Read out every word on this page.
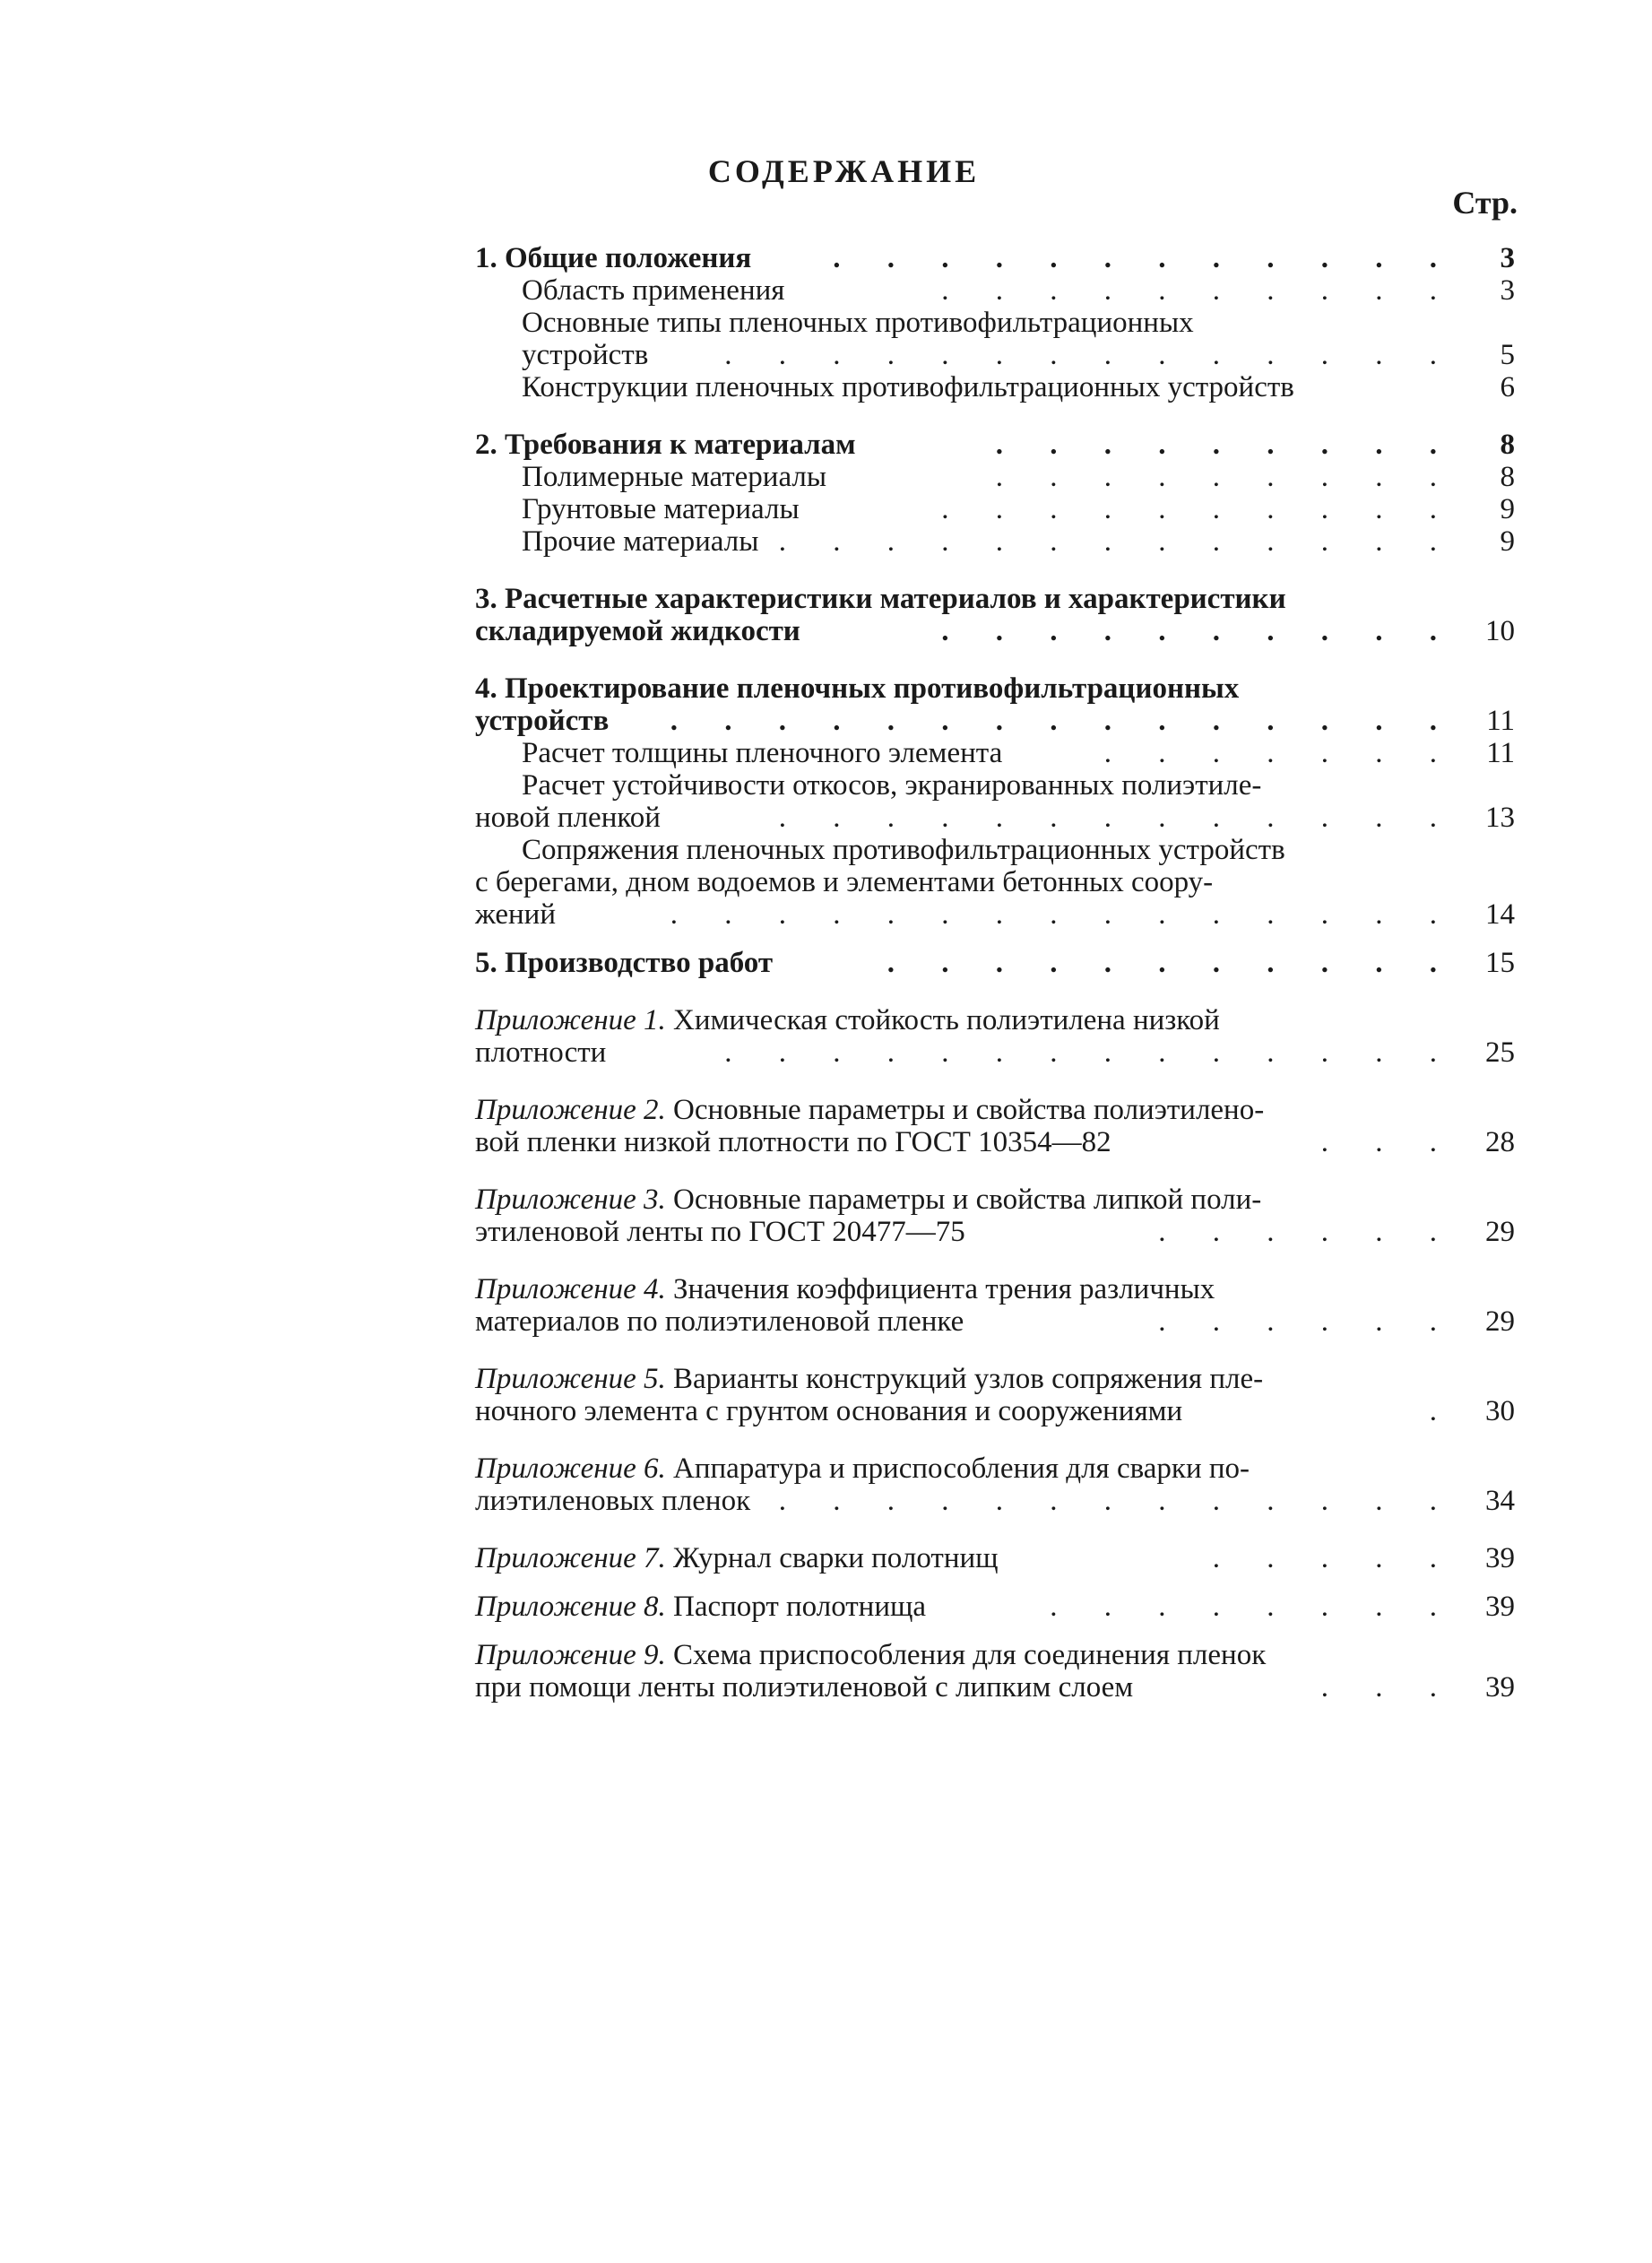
СОДЕРЖАНИЕ
Стр.
1. Общие положения	. . . . . . . . . . . .	3
Область применения	. . . . . . . . . .	3
Основные типы пленочных противофильтрационных
устройств	. . . . . . . . . . . . . .	5
Конструкции пленочных противофильтрационных устройств	6
2. Требования к материалам	. . . . . . . . .	8
Полимерные материалы	. . . . . . . . .	8
Грунтовые материалы	. . . . . . . . . .	9
Прочие материалы . . . . . . . . . . . . .	9
3. Расчетные характеристики материалов и характеристики
складируемой жидкости	. . . . . . . . . . 10
4. Проектирование пленочных противофильтрационных
устройств . . . . . . . . . . . . . . .	11
Расчет толщины пленочного элемента	. . . . . . .	11
Расчет устойчивости откосов, экранированных полиэтиле-
новой пленкой	. . . . . . . . . . . . . 13
Сопряжения пленочных противофильтрационных устройств
с берегами, дном водоемов и элементами бетонных соору-
жений	. . . . . . . . . . . . . . . 14
5. Производство работ	. . . . . . . . . . . 15
Приложение 1. Химическая стойкость полиэтилена низкой
плотности	. . . . . . . . . . . . . . 25
Приложение 2. Основные параметры и свойства полиэтилено-
вой пленки низкой плотности по ГОСТ 10354—82	. . . 28
Приложение 3. Основные параметры и свойства липкой поли-
этиленовой ленты по ГОСТ 20477—75	. . . . . . 29
Приложение 4. Значения коэффициента трения различных
материалов по полиэтиленовой пленке	. . . . . . 29
Приложение 5. Варианты конструкций узлов сопряжения пле-
ночного элемента с грунтом основания и сооружениями	. 30
Приложение 6. Аппаратура и приспособления для сварки по-
лиэтиленовых пленок . . . . . . . . . . . . . 34
Приложение 7. Журнал сварки полотнищ	. . . . . 39
Приложение 8. Паспорт полотнища	. . . . . . . . 39
Приложение 9. Схема приспособления для соединения пленок
при помощи ленты полиэтиленовой с липким слоем	. . . 39
